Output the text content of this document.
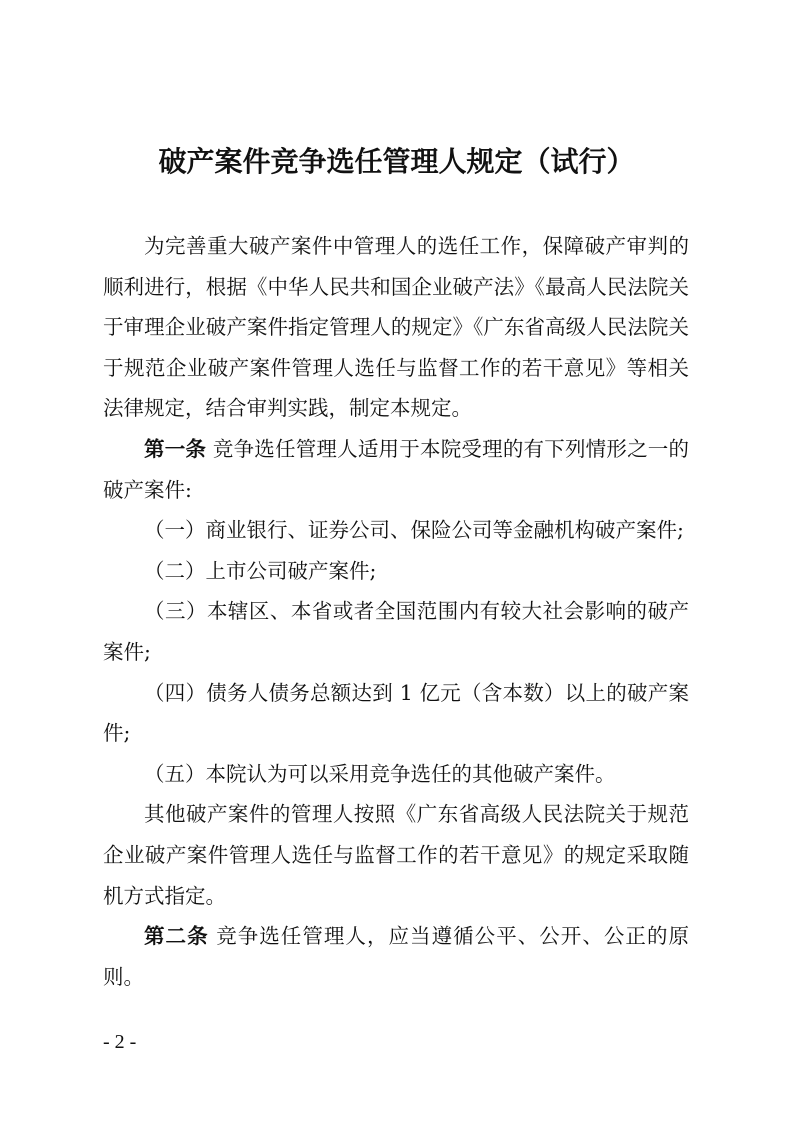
破产案件竞争选任管理人规定（试行）

为完善重大破产案件中管理人的选任工作，保障破产审判的顺利进行，根据《中华人民共和国企业破产法》《最高人民法院关于审理企业破产案件指定管理人的规定》《广东省高级人民法院关于规范企业破产案件管理人选任与监督工作的若干意见》等相关法律规定，结合审判实践，制定本规定。

第一条 竞争选任管理人适用于本院受理的有下列情形之一的破产案件:

（一）商业银行、证券公司、保险公司等金融机构破产案件;

（二）上市公司破产案件;

（三）本辖区、本省或者全国范围内有较大社会影响的破产案件;

（四）债务人债务总额达到 1 亿元（含本数）以上的破产案件;

（五）本院认为可以采用竞争选任的其他破产案件。

其他破产案件的管理人按照《广东省高级人民法院关于规范企业破产案件管理人选任与监督工作的若干意见》的规定采取随机方式指定。

第二条 竞争选任管理人，应当遵循公平、公开、公正的原则。

- 2 -
